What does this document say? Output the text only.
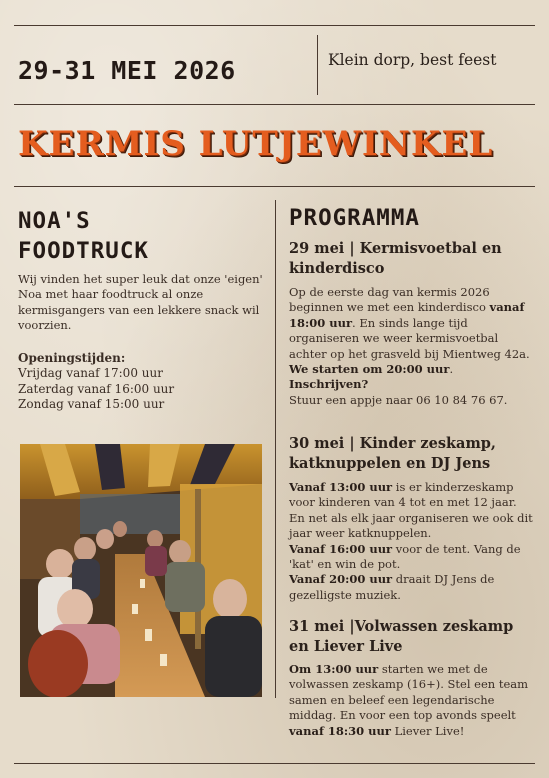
29-31 MEI 2026	Klein dorp, best feest
KERMIS LUTJEWINKEL
NOA'S
FOODTRUCK
Wij vinden het super leuk dat onze 'eigen' Noa met haar foodtruck al onze kermisgangers van een lekkere snack wil voorzien.
Openingstijden:
Vrijdag vanaf 17:00 uur
Zaterdag vanaf 16:00 uur
Zondag vanaf 15:00 uur
PROGRAMMA
29 mei | Kermisvoetbal en kinderdisco
Op de eerste dag van kermis 2026 beginnen we met een kinderdisco vanaf 18:00 uur. En sinds lange tijd organiseren we weer kermisvoetbal achter op het grasveld bij Mientweg 42a.
We starten om 20:00 uur.
Inschrijven?
Stuur een appje naar 06 10 84 76 67.
30 mei | Kinder zeskamp, katknuppelen en DJ Jens
Vanaf 13:00 uur is er kinderzeskamp voor kinderen van 4 tot en met 12 jaar. En net als elk jaar organiseren we ook dit jaar weer katknuppelen.
Vanaf 16:00 uur voor de tent. Vang de 'kat' en win de pot.
Vanaf 20:00 uur draait DJ Jens de gezelligste muziek.
31 mei |Volwassen zeskamp en Liever Live
Om 13:00 uur starten we met de volwassen zeskamp (16+). Stel een team samen en beleef een legendarische middag. En voor een top avonds speelt vanaf 18:30 uur Liever Live!
